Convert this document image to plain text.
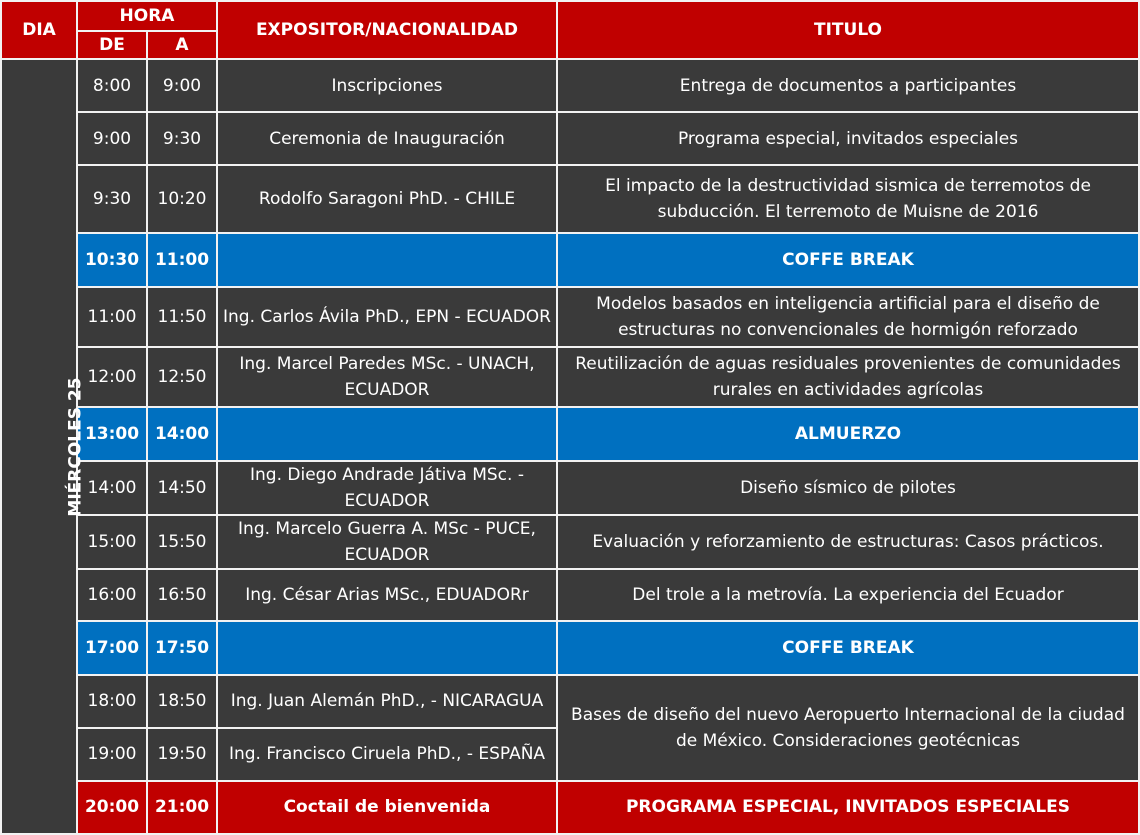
DIA	HORA		EXPOSITOR/NACIONALIDAD	TITULO
	DE	A		
MIÉRCOLES 25	8:00	9:00	Inscripciones	Entrega de documentos a participantes
	9:00	9:30	Ceremonia de Inauguración	Programa especial, invitados especiales
	9:30	10:20	Rodolfo Saragoni PhD. - CHILE	El impacto de la destructividad sismica de terremotos de subducción. El terremoto de Muisne de 2016
	10:30	11:00		COFFE BREAK
	11:00	11:50	Ing. Carlos Ávila PhD., EPN - ECUADOR	Modelos basados en inteligencia artificial para el diseño de estructuras no convencionales de hormigón reforzado
	12:00	12:50	Ing. Marcel Paredes MSc. - UNACH, ECUADOR	Reutilización de aguas residuales provenientes de comunidades rurales en actividades agrícolas
	13:00	14:00		ALMUERZO
	14:00	14:50	Ing. Diego Andrade Játiva MSc. - ECUADOR	Diseño sísmico de pilotes
	15:00	15:50	Ing. Marcelo Guerra A. MSc - PUCE, ECUADOR	Evaluación y reforzamiento de estructuras: Casos prácticos.
	16:00	16:50	Ing. César Arias MSc., EDUADORr	Del trole a la metrovía. La experiencia del Ecuador
	17:00	17:50		COFFE BREAK
	18:00	18:50	Ing. Juan Alemán PhD., - NICARAGUA	Bases de diseño del nuevo Aeropuerto Internacional de la ciudad de México. Consideraciones geotécnicas
	19:00	19:50	Ing. Francisco Ciruela PhD., - ESPAÑA	
	20:00	21:00	Coctail de bienvenida	PROGRAMA ESPECIAL, INVITADOS ESPECIALES
